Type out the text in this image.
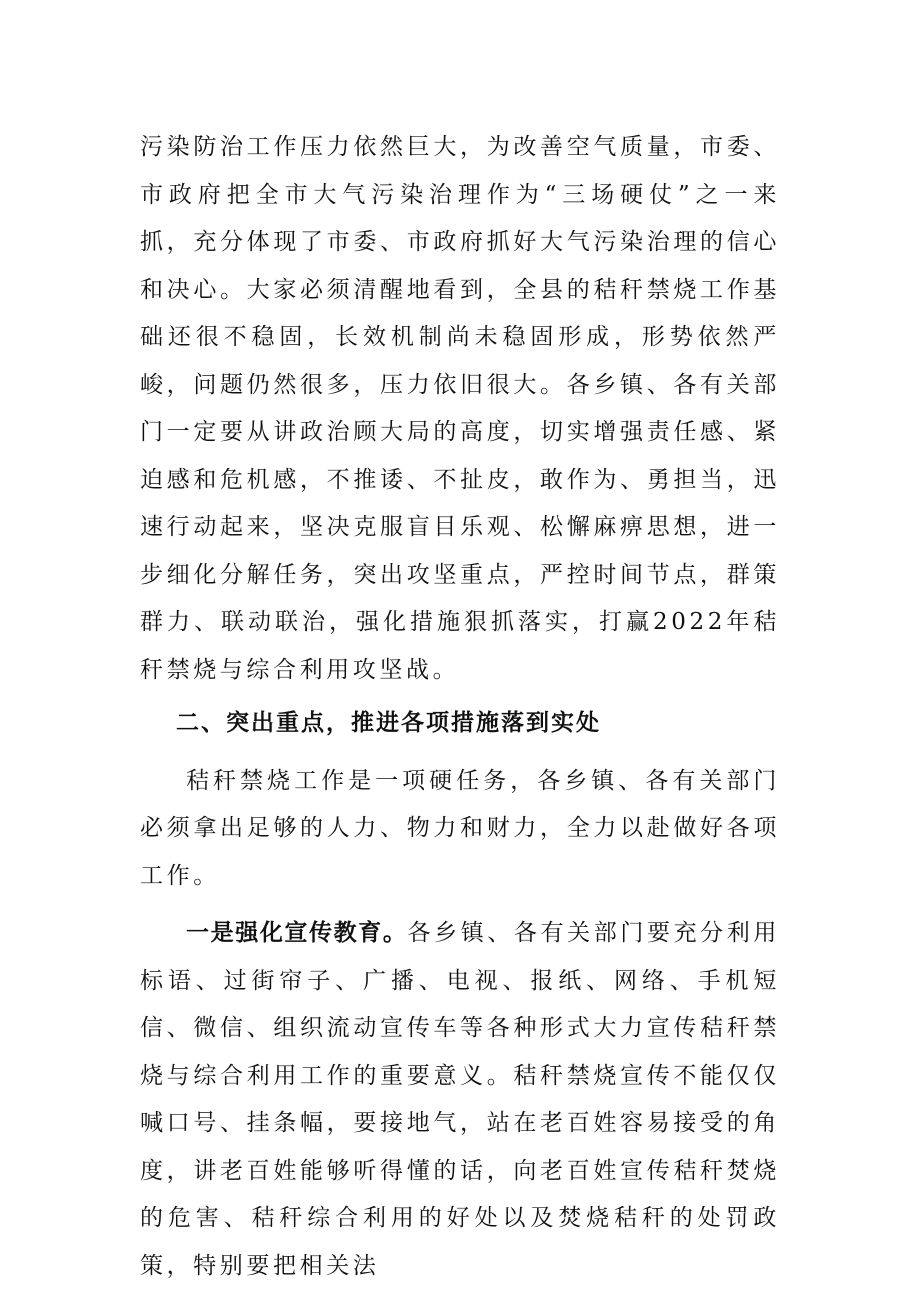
污染防治工作压力依然巨大，为改善空气质量，市委、市政府把全市大气污染治理作为“三场硬仗”之一来抓，充分体现了市委、市政府抓好大气污染治理的信心和决心。大家必须清醒地看到，全县的秸秆禁烧工作基础还很不稳固，长效机制尚未稳固形成，形势依然严峻，问题仍然很多，压力依旧很大。各乡镇、各有关部门一定要从讲政治顾大局的高度，切实增强责任感、紧迫感和危机感，不推诿、不扯皮，敢作为、勇担当，迅速行动起来，坚决克服盲目乐观、松懈麻痹思想，进一步细化分解任务，突出攻坚重点，严控时间节点，群策群力、联动联治，强化措施狠抓落实，打赢2022年秸秆禁烧与综合利用攻坚战。

二、突出重点，推进各项措施落到实处

秸秆禁烧工作是一项硬任务，各乡镇、各有关部门必须拿出足够的人力、物力和财力，全力以赴做好各项工作。

一是强化宣传教育。各乡镇、各有关部门要充分利用标语、过街帘子、广播、电视、报纸、网络、手机短信、微信、组织流动宣传车等各种形式大力宣传秸秆禁烧与综合利用工作的重要意义。秸秆禁烧宣传不能仅仅喊口号、挂条幅，要接地气，站在老百姓容易接受的角度，讲老百姓能够听得懂的话，向老百姓宣传秸秆焚烧的危害、秸秆综合利用的好处以及焚烧秸秆的处罚政策，特别要把相关法
